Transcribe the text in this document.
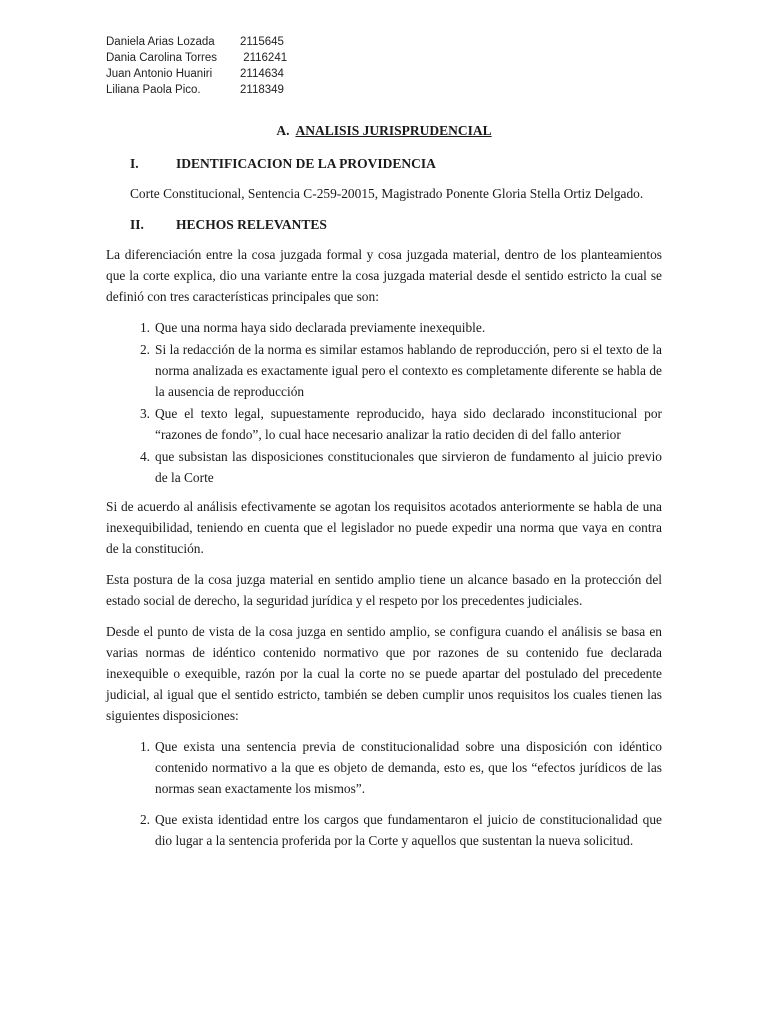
Daniela Arias Lozada	2115645
Dania Carolina Torres	2116241
Juan Antonio Huaniri	2114634
Liliana Paola Pico.	2118349
A. ANALISIS JURISPRUDENCIAL
I.	IDENTIFICACION DE LA PROVIDENCIA

Corte Constitucional, Sentencia C-259-20015, Magistrado Ponente Gloria Stella Ortiz Delgado.

II.	HECHOS RELEVANTES

La diferenciación entre la cosa juzgada formal y cosa juzgada material, dentro de los planteamientos que la corte explica, dio una variante entre la cosa juzgada material desde el sentido estricto la cual se definió con tres características principales que son:

1. Que una norma haya sido declarada previamente inexequible.
2. Si la redacción de la norma es similar estamos hablando de reproducción, pero si el texto de la norma analizada es exactamente igual pero el contexto es completamente diferente se habla de la ausencia de reproducción
3. Que el texto legal, supuestamente reproducido, haya sido declarado inconstitucional por “razones de fondo”, lo cual hace necesario analizar la ratio deciden di del fallo anterior
4. que subsistan las disposiciones constitucionales que sirvieron de fundamento al juicio previo de la Corte

Si de acuerdo al análisis efectivamente se agotan los requisitos acotados anteriormente se habla de una inexequibilidad, teniendo en cuenta que el legislador no puede expedir una norma que vaya en contra de la constitución.

Esta postura de la cosa juzga material en sentido amplio tiene un alcance basado en la protección del estado social de derecho, la seguridad jurídica y el respeto por los precedentes judiciales.

Desde el punto de vista de la cosa juzga en sentido amplio, se configura cuando el análisis se basa en varias normas de idéntico contenido normativo que por razones de su contenido fue declarada inexequible o exequible, razón por la cual la corte no se puede apartar del postulado del precedente judicial, al igual que el sentido estricto, también se deben cumplir unos requisitos los cuales tienen las siguientes disposiciones:

1. Que exista una sentencia previa de constitucionalidad sobre una disposición con idéntico contenido normativo a la que es objeto de demanda, esto es, que los “efectos jurídicos de las normas sean exactamente los mismos”.
2. Que exista identidad entre los cargos que fundamentaron el juicio de constitucionalidad que dio lugar a la sentencia proferida por la Corte y aquellos que sustentan la nueva solicitud.
